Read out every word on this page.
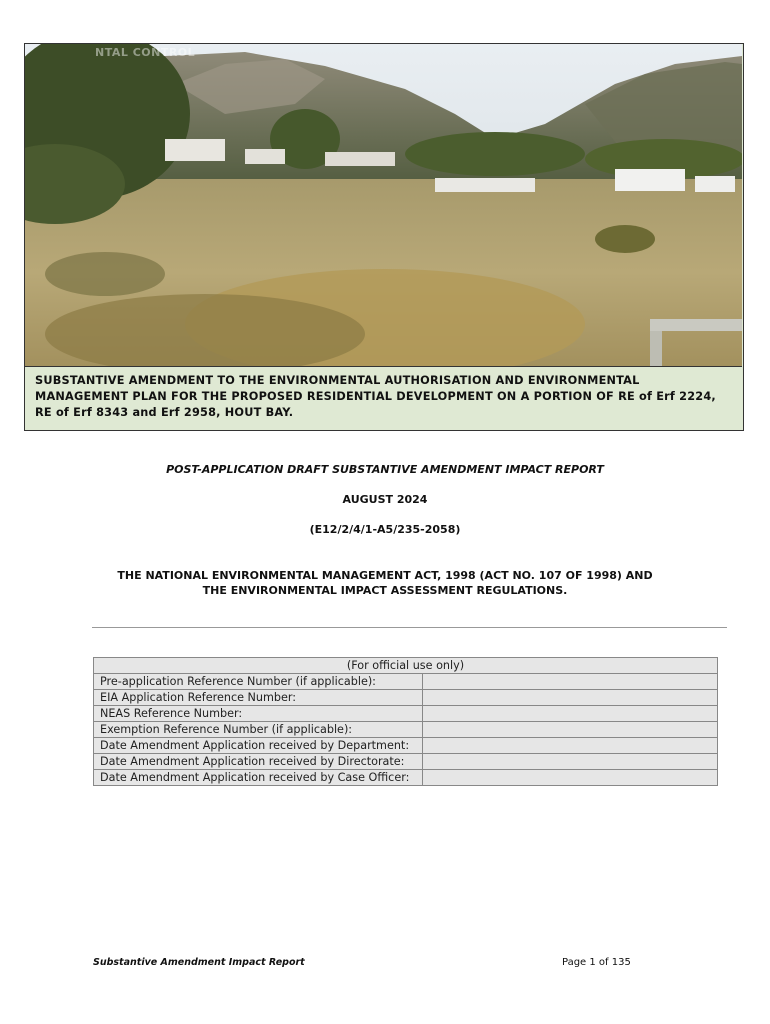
NTAL CONTROL
SUBSTANTIVE AMENDMENT TO THE ENVIRONMENTAL AUTHORISATION AND ENVIRONMENTAL MANAGEMENT PLAN FOR THE PROPOSED RESIDENTIAL DEVELOPMENT ON A PORTION OF RE of Erf 2224, RE of Erf 8343 and Erf 2958, HOUT BAY.
POST-APPLICATION DRAFT SUBSTANTIVE AMENDMENT IMPACT REPORT
AUGUST 2024
(E12/2/4/1-A5/235-2058)
THE NATIONAL ENVIRONMENTAL MANAGEMENT ACT, 1998 (ACT NO. 107 OF 1998) AND THE ENVIRONMENTAL IMPACT ASSESSMENT REGULATIONS.
(For official use only)	
Pre-application Reference Number (if applicable):	
EIA Application Reference Number:	
NEAS Reference Number:	
Exemption Reference Number (if applicable):	
Date Amendment Application received by Department:	
Date Amendment Application received by Directorate:	
Date Amendment Application received by Case Officer:	
Substantive Amendment Impact Report	Page 1 of 135
